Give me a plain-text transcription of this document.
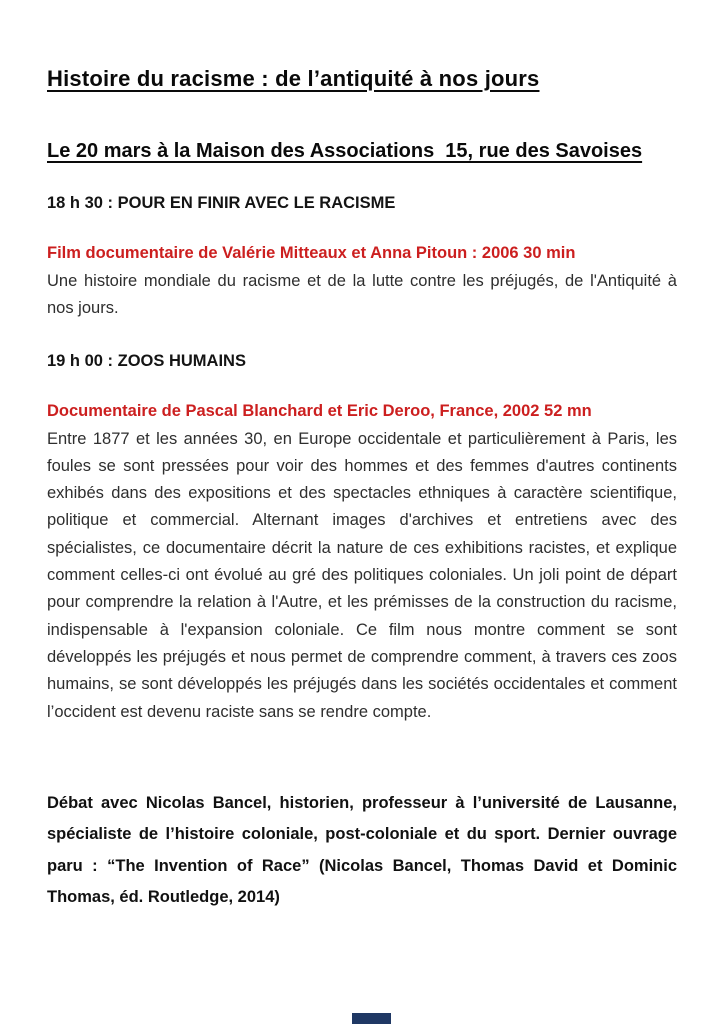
Histoire du racisme : de l’antiquité à nos jours
Le 20 mars à la Maison des Associations  15, rue des Savoises
18 h 30 : POUR EN FINIR AVEC LE RACISME

Film documentaire de Valérie Mitteaux et Anna Pitoun : 2006 30 min

Une histoire mondiale du racisme et de la lutte contre les préjugés, de l'Antiquité à nos jours.

19 h 00 : ZOOS HUMAINS

Documentaire de Pascal Blanchard et Eric Deroo, France, 2002 52 mn

Entre 1877 et les années 30, en Europe occidentale et particulièrement à Paris, les foules se sont pressées pour voir des hommes et des femmes d'autres continents exhibés dans des expositions et des spectacles ethniques à caractère scientifique, politique et commercial. Alternant images d'archives et entretiens avec des spécialistes, ce documentaire décrit la nature de ces exhibitions racistes, et explique comment celles-ci ont évolué au gré des politiques coloniales. Un joli point de départ pour comprendre la relation à l'Autre, et les prémisses de la construction du racisme, indispensable à l'expansion coloniale. Ce film nous montre comment se sont développés les préjugés et nous permet de comprendre comment, à travers ces zoos humains, se sont développés les préjugés dans les sociétés occidentales et comment l’occident est devenu raciste sans se rendre compte.

Débat avec Nicolas Bancel, historien, professeur à l’université de Lausanne, spécialiste de l’histoire coloniale, post-coloniale et du sport. Dernier ouvrage paru : “The Invention of Race” (Nicolas Bancel, Thomas David et Dominic Thomas, éd. Routledge, 2014)
